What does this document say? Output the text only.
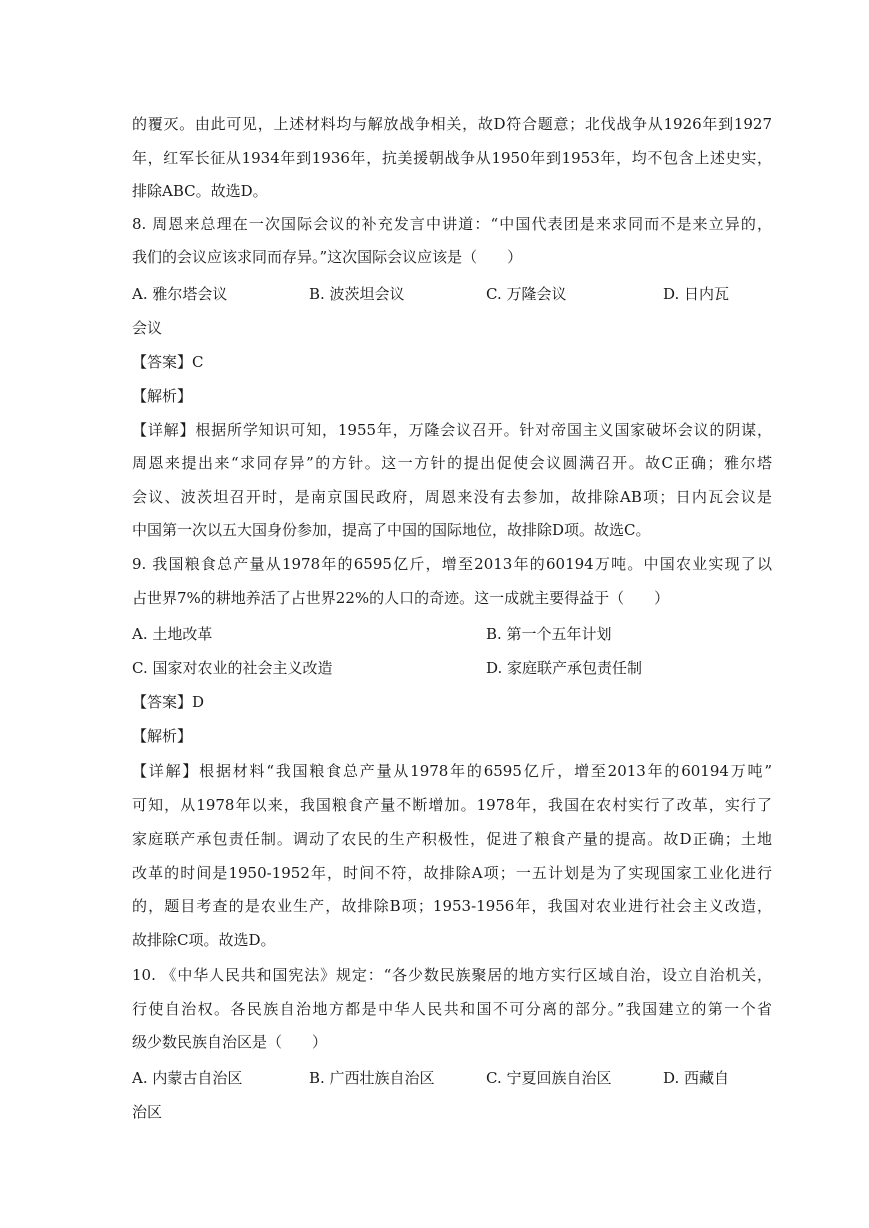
的覆灭。由此可见，上述材料均与解放战争相关，故D符合题意；北伐战争从1926年到1927
年，红军长征从1934年到1936年，抗美援朝战争从1950年到1953年，均不包含上述史实，
排除ABC。故选D。
8. 周恩来总理在一次国际会议的补充发言中讲道：“中国代表团是来求同而不是来立异的，
我们的会议应该求同而存异。”这次国际会议应该是（　　）
A. 雅尔塔会议	B. 波茨坦会议	C. 万隆会议	D. 日内瓦
会议
【答案】C
【解析】
【详解】根据所学知识可知，1955年，万隆会议召开。针对帝国主义国家破坏会议的阴谋，
周恩来提出来“求同存异”的方针。这一方针的提出促使会议圆满召开。故C正确；雅尔塔
会议、波茨坦召开时，是南京国民政府，周恩来没有去参加，故排除AB项；日内瓦会议是
中国第一次以五大国身份参加，提高了中国的国际地位，故排除D项。故选C。
9. 我国粮食总产量从1978年的6595亿斤，增至2013年的60194万吨。中国农业实现了以
占世界7%的耕地养活了占世界22%的人口的奇迹。这一成就主要得益于（　　）
A. 土地改革	B. 第一个五年计划
C. 国家对农业的社会主义改造	D. 家庭联产承包责任制
【答案】D
【解析】
【详解】根据材料“我国粮食总产量从1978年的6595亿斤，增至2013年的60194万吨”
可知，从1978年以来，我国粮食产量不断增加。1978年，我国在农村实行了改革，实行了
家庭联产承包责任制。调动了农民的生产积极性，促进了粮食产量的提高。故D正确；土地
改革的时间是1950-1952年，时间不符，故排除A项；一五计划是为了实现国家工业化进行
的，题目考查的是农业生产，故排除B项；1953-1956年，我国对农业进行社会主义改造，
故排除C项。故选D。
10. 《中华人民共和国宪法》规定：“各少数民族聚居的地方实行区域自治，设立自治机关，
行使自治权。各民族自治地方都是中华人民共和国不可分离的部分。”我国建立的第一个省
级少数民族自治区是（　　）
A. 内蒙古自治区	B. 广西壮族自治区	C. 宁夏回族自治区	D. 西藏自
治区
